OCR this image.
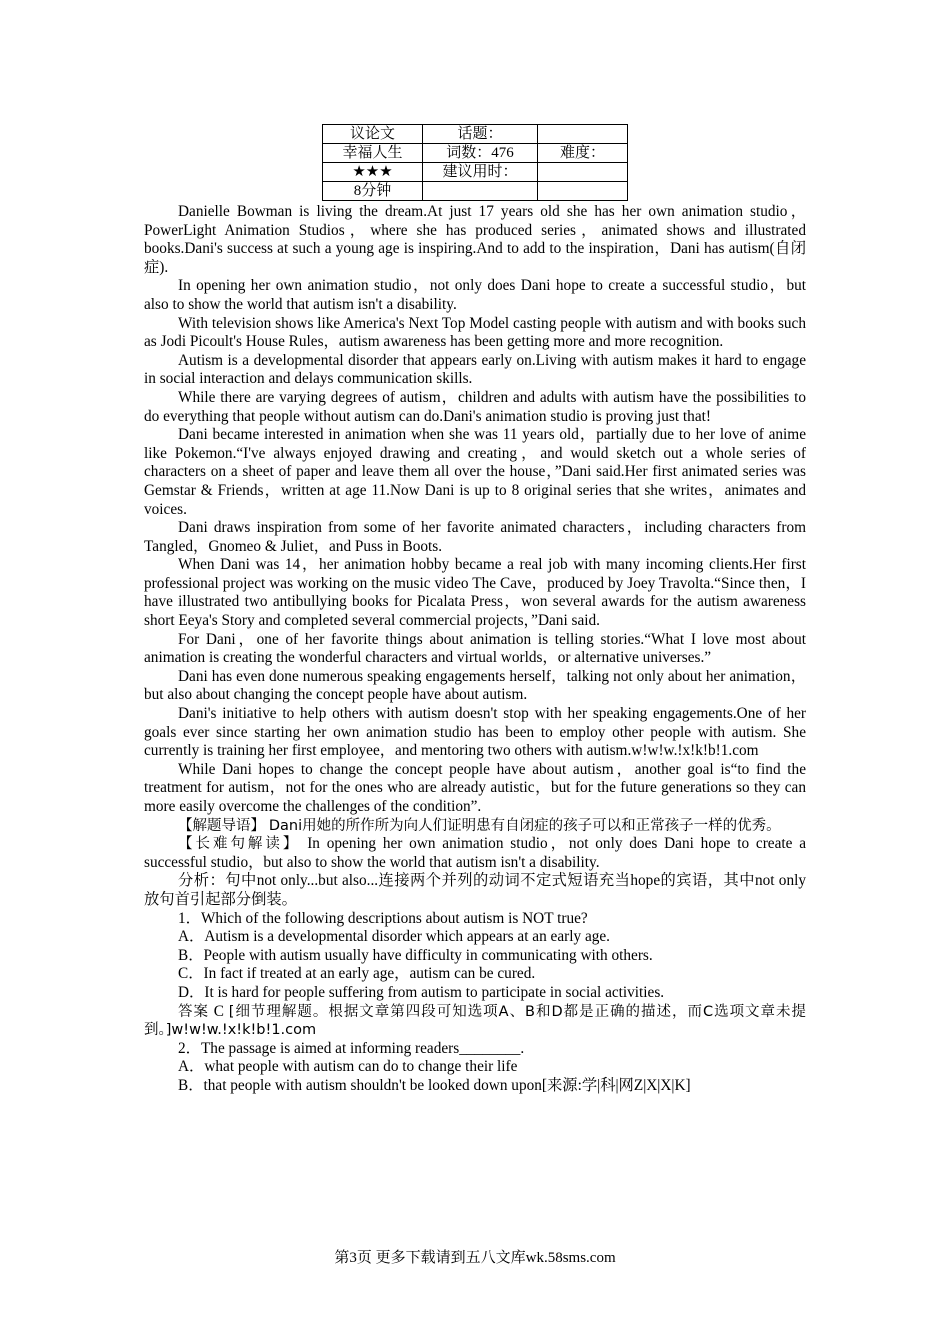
议论文	话题：	
幸福人生	词数：476	难度：
★★★	建议用时：	
8分钟		

Danielle Bowman is living the dream.At just 17 years old she has her own animation studio，PowerLight Animation Studios，where she has produced series，animated shows and illustrated books.Dani's success at such a young age is inspiring.And to add to the inspiration，Dani has autism(自闭症).

In opening her own animation studio，not only does Dani hope to create a successful studio，but also to show the world that autism isn't a disability.

With television shows like America's Next Top Model casting people with autism and with books such as Jodi Picoult's House Rules，autism awareness has been getting more and more recognition.

Autism is a developmental disorder that appears early on.Living with autism makes it hard to engage in social interaction and delays communication skills.

While there are varying degrees of autism，children and adults with autism have the possibilities to do everything that people without autism can do.Dani's animation studio is proving just that!

Dani became interested in animation when she was 11 years old，partially due to her love of anime like Pokemon.“I've always enjoyed drawing and creating，and would sketch out a whole series of characters on a sheet of paper and leave them all over the house，”Dani said.Her first animated series was Gemstar & Friends，written at age 11.Now Dani is up to 8 original series that she writes，animates and voices.

Dani draws inspiration from some of her favorite animated characters，including characters from Tangled，Gnomeo & Juliet，and Puss in Boots.

When Dani was 14，her animation hobby became a real job with many incoming clients.Her first professional project was working on the music video The Cave，produced by Joey Travolta.“Since then，I have illustrated two antibullying books for Picalata Press，won several awards for the autism awareness short Eeya's Story and completed several commercial projects，”Dani said.

For Dani，one of her favorite things about animation is telling stories.“What I love most about animation is creating the wonderful characters and virtual worlds，or alternative universes.”

Dani has even done numerous speaking engagements herself，talking not only about her animation，but also about changing the concept people have about autism.

Dani's initiative to help others with autism doesn't stop with her speaking engagements.One of her goals ever since starting her own animation studio has been to employ other people with autism. She currently is training her first employee，and mentoring two others with autism.w!w!w.!x!k!b!1.com

While Dani hopes to change the concept people have about autism，another goal is“to find the treatment for autism，not for the ones who are already autistic，but for the future generations so they can more easily overcome the challenges of the condition”.

【解题导语】 Dani用她的所作所为向人们证明患有自闭症的孩子可以和正常孩子一样的优秀。

【长难句解读】 In opening her own animation studio，not only does Dani hope to create a successful studio，but also to show the world that autism isn't a disability.

分析：句中not only...but also...连接两个并列的动词不定式短语充当hope的宾语，其中not only放句首引起部分倒装。

1．Which of the following descriptions about autism is NOT true?

A．Autism is a developmental disorder which appears at an early age.

B．People with autism usually have difficulty in communicating with others.

C．In fact if treated at an early age，autism can be cured.

D．It is hard for people suffering from autism to participate in social activities.

答案 C [细节理解题。根据文章第四段可知选项A、B和D都是正确的描述，而C选项文章未提到。]w!w!w.!x!k!b!1.com

2．The passage is aimed at informing readers________.

A．what people with autism can do to change their life

B．that people with autism shouldn't be looked down upon[来源:学|科|网Z|X|X|K]

第3页 更多下载请到五八文库wk.58sms.com
